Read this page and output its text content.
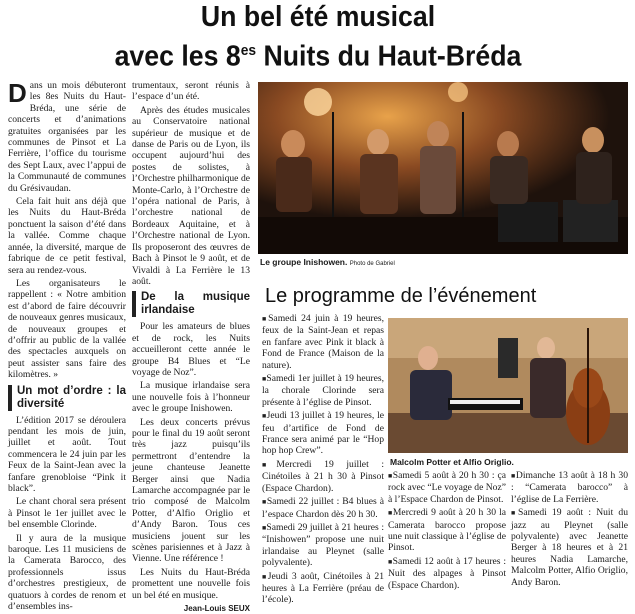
Un bel été musical
avec les $8^{es}$ Nuits du Haut-Bréda

Dans un mois débuteront les 8es Nuits du Haut-Bréda, une série de concerts et d’animations gratuites organisées par les communes de Pinsot et La Ferrière, l’office du tourisme des Sept Laux, avec l’appui de la Communauté de communes du Grésivaudan.

Cela fait huit ans déjà que les Nuits du Haut-Bréda ponctuent la saison d’été dans la vallée. Comme chaque année, la diversité, marque de fabrique de ce petit festival, sera au rendez-vous.

Les organisateurs le rappellent : « Notre ambition est d’abord de faire découvrir de nouveaux genres musicaux, de nouveaux groupes et d’offrir au public de la vallée des spectacles auxquels on peut assister sans faire des kilomètres. »

Un mot d’ordre : la diversité

L’édition 2017 se déroulera pendant les mois de juin, juillet et août. Tout commencera le 24 juin par les Feux de la Saint-Jean avec la fanfare grenobloise “Pink it black”.

Le chant choral sera présent à Pinsot le 1er juillet avec le bel ensemble Clorinde.

Il y aura de la musique baroque. Les 11 musiciens de la Camerata Barocco, des professionnels issus d’orchestres prestigieux, de quatuors à cordes de renom et d’ensembles ins-

trumentaux, seront réunis à l’espace d’un été.

Après des études musicales au Conservatoire national supérieur de musique et de danse de Paris ou de Lyon, ils occupent aujourd’hui des postes de solistes, à l’Orchestre philharmonique de Monte-Carlo, à l’Orchestre de l’opéra national de Paris, à l’orchestre national de Bordeaux Aquitaine, et à l’Orchestre national de Lyon. Ils proposeront des œuvres de Bach à Pinsot le 9 août, et de Vivaldi à La Ferrière le 13 août.

De la musique irlandaise

Pour les amateurs de blues et de rock, les Nuits accueilleront cette année le groupe B4 Blues et “Le voyage de Noz”.

La musique irlandaise sera une nouvelle fois à l’honneur avec le groupe Inishowen.

Les deux concerts prévus pour le final du 19 août seront très jazz puisqu’ils permettront d’entendre la jeune chanteuse Jeanette Berger ainsi que Nadia Lamarche accompagnée par le trio composé de Malcolm Potter, d’Alfio Origlio et d’Andy Baron. Tous ces musiciens jouent sur les scènes parisiennes et à Jazz à Vienne. Une référence !

Les Nuits du Haut-Bréda promettent une nouvelle fois un bel été en musique.

Jean-Louis SEUX
Le groupe Inishowen. Photo de Gabriel
Le programme de l’événement

■ Samedi 24 juin à 19 heures, feux de la Saint-Jean et repas en fanfare avec Pink it black à Fond de France (Maison de la nature).

■ Samedi 1er juillet à 19 heures, la chorale Clorinde sera présente à l’église de Pinsot.

■ Jeudi 13 juillet à 19 heures, le feu d’artifice de Fond de France sera animé par le “Hop hop hop Crew”.

■ Mercredi 19 juillet : Cinétoiles à 21 h 30 à Pinsot (Espace Chardon).

■ Samedi 22 juillet : B4 blues à l’espace Chardon dès 20 h 30.

■ Samedi 29 juillet à 21 heures : “Inishowen” propose une nuit irlandaise au Pleynet (salle polyvalente).

■ Jeudi 3 août, Cinétoiles à 21 heures à La Ferrière (préau de l’école).

Malcolm Potter et Alfio Origlio.

■ Samedi 5 août à 20 h 30 : ça rock avec “Le voyage de Noz” à l’Espace Chardon de Pinsot.

■ Mercredi 9 août à 20 h 30 la Camerata barocco propose une nuit classique à l’église de Pinsot.

■ Samedi 12 août à 17 heures : Nuit des alpages à Pinsot (Espace Chardon).

■ Dimanche 13 août à 18 h 30 : “Camerata barocco” à l’église de La Ferrière.

■ Samedi 19 août : Nuit du jazz au Pleynet (salle polyvalente) avec Jeanette Berger à 18 heures et à 21 heures Nadia Lamarche, Malcolm Potter, Alfio Origlio, Andy Baron.
